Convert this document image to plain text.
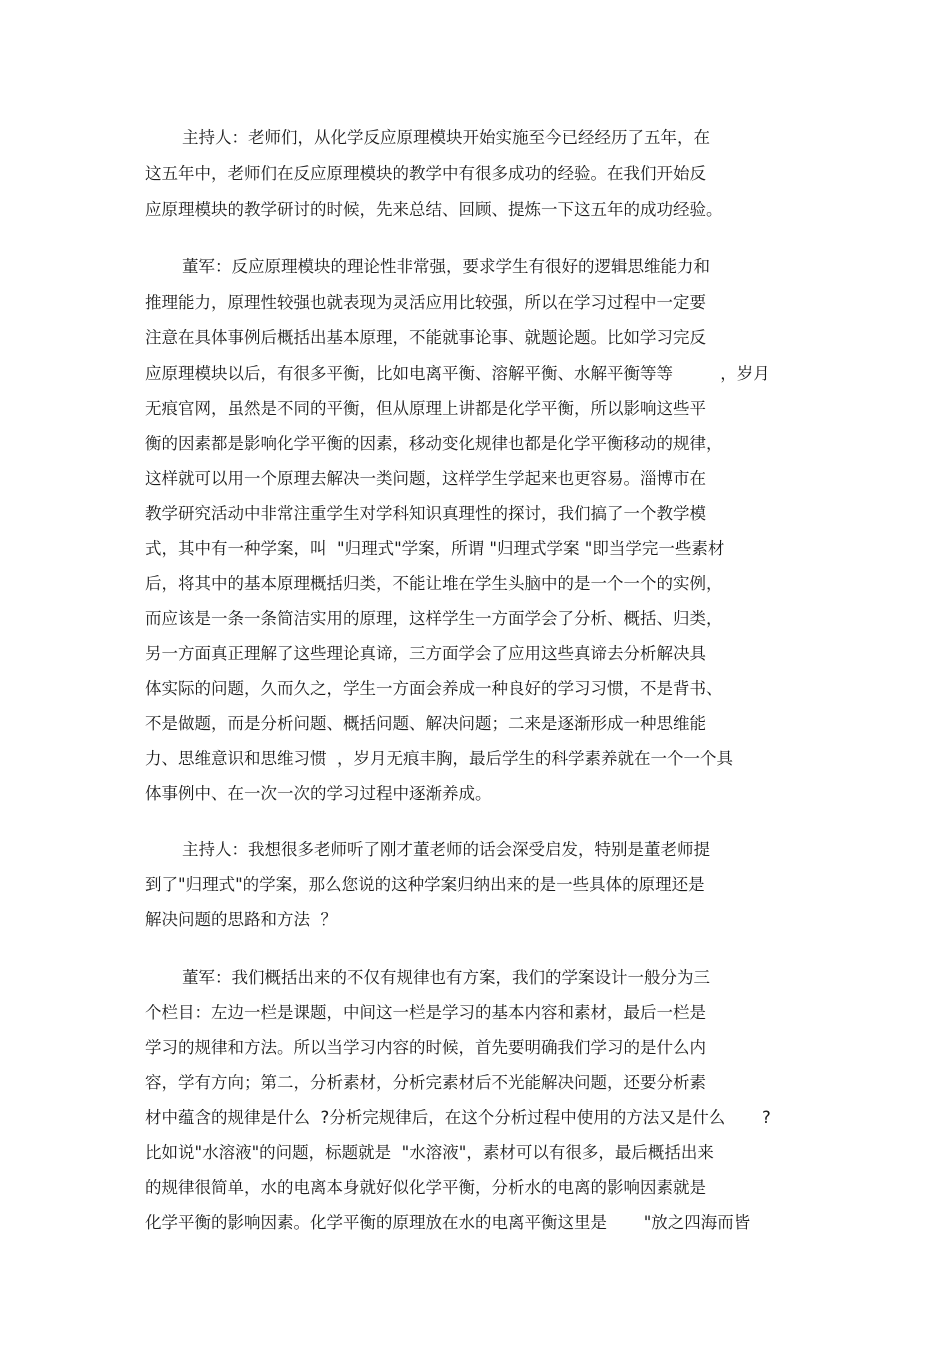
主持人：老师们，从化学反应原理模块开始实施至今已经经历了五年，在
这五年中，老师们在反应原理模块的教学中有很多成功的经验。在我们开始反
应原理模块的教学研讨的时候，先来总结、回顾、提炼一下这五年的成功经验。
董军：反应原理模块的理论性非常强，要求学生有很好的逻辑思维能力和
推理能力，原理性较强也就表现为灵活应用比较强，所以在学习过程中一定要
注意在具体事例后概括出基本原理，不能就事论事、就题论题。比如学习完反
应原理模块以后，有很多平衡，比如电离平衡、溶解平衡、水解平衡等等         ，岁月
无痕官网，虽然是不同的平衡，但从原理上讲都是化学平衡，所以影响这些平
衡的因素都是影响化学平衡的因素，移动变化规律也都是化学平衡移动的规律，
这样就可以用一个原理去解决一类问题，这样学生学起来也更容易。淄博市在
教学研究活动中非常注重学生对学科知识真理性的探讨，我们搞了一个教学模
式，其中有一种学案，叫  "归理式"学案，所谓 "归理式学案 "即当学完一些素材
后，将其中的基本原理概括归类，不能让堆在学生头脑中的是一个一个的实例，
而应该是一条一条简洁实用的原理，这样学生一方面学会了分析、概括、归类，
另一方面真正理解了这些理论真谛，三方面学会了应用这些真谛去分析解决具
体实际的问题，久而久之，学生一方面会养成一种良好的学习习惯，不是背书、
不是做题，而是分析问题、概括问题、解决问题；二来是逐渐形成一种思维能
力、思维意识和思维习惯  ，岁月无痕丰胸，最后学生的科学素养就在一个一个具
体事例中、在一次一次的学习过程中逐渐养成。
主持人：我想很多老师听了刚才董老师的话会深受启发，特别是董老师提
到了"归理式"的学案，那么您说的这种学案归纳出来的是一些具体的原理还是
解决问题的思路和方法  ？
董军：我们概括出来的不仅有规律也有方案，我们的学案设计一般分为三
个栏目：左边一栏是课题，中间这一栏是学习的基本内容和素材，最后一栏是
学习的规律和方法。所以当学习内容的时候，首先要明确我们学习的是什么内
容，学有方向；第二，分析素材，分析完素材后不光能解决问题，还要分析素
材中蕴含的规律是什么  ?分析完规律后，在这个分析过程中使用的方法又是什么       ?
比如说"水溶液"的问题，标题就是  "水溶液"，素材可以有很多，最后概括出来
的规律很简单，水的电离本身就好似化学平衡，分析水的电离的影响因素就是
化学平衡的影响因素。化学平衡的原理放在水的电离平衡这里是       "放之四海而皆
